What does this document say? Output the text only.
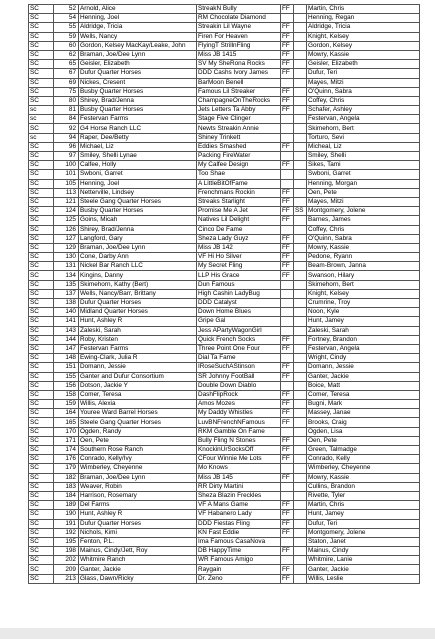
SC	52	Arnold, Alice	StreakN Bully	FF		Martin, Chris
SC	54	Henning, Joel	RM Chocolate Diamond			Henning, Regan
SC	55	Aldridge, Tricia	Streakin Lil Wayne	FF		Aldridge, Tricia
SC	59	Wells, Nancy	Firen For Heaven	FF		Knight, Kelsey
SC	60	Gordon, Kelsey MacKay/Leake, John	FlyingT StrillnFling	FF		Gordon, Kelsey
SC	62	Braman, Joe/Dee Lynn	Miss JB 1415	FF		Mowry, Kassie
SC	65	Geisler, Elizabeth	SV My SheRona Rocks	FF		Geisler, Elizabeth
SC	67	Dufur Quarter Horses	DDD Cashs Ivory James	FF		Dufur, Teri
SC	69	Nickes, Cresent	BarMoon Benell			Mayes, Mitzi
SC	75	Busby Quarter Horses	Famous Lil Streaker	FF		O'Quinn, Sabra
SC	80	Shirey, Brad/Jenna	ChampagneOnTheRocks	FF		Coffey, Chris
sc	81	Busby Quarter Horses	Jets Letters Ta Abby	FF		Schafer, Ashley
sc	84	Festervan Farms	Stage Five Clinger			Festervan, Angela
SC	92	G4 Horse Ranch LLC	Newts Streakin Annie			Skimehorn, Bert
sc	94	Raper, Dee/Betty	Shiney Trinkett			Torturo, Sevi
SC	96	Michael, Liz	Eddies Smashed	FF		Micheal, Liz
SC	97	Smiley, Shelli Lynae	Packing FireWater			Smiley, Shelli
SC	100	Calfee, Holly	My Calfee Design	FF		Sikes, Tami
SC	101	Swboni, Garret	Too Shae			Swboni, Garret
SC	105	Henning, Joel	A LittleBitOfFame			Henning, Morgan
SC	113	Netterville, Lindsey	Frenchmans Rockin	FF		Oen, Pete
SC	121	Steele Gang Quarter Horses	Streaks Starlight	FF		Mayes, Mitzi
SC	124	Busby Quarter Horses	Promise Me A Jet	FF	SS	Montgomery, Jolene
SC	125	Goins, Micah	Natives Lil Delight	FF		Barnes, James
SC	126	Shirey, Brad/Jenna	Cinco De Fame			Coffey, Chris
SC	127	Langford, Gary	Sheza Lady Guyz	FF		O'Quinn, Sabra
SC	129	Braman, Joe/Dee Lynn	Miss JB 142	FF		Mowry, Kassie
SC	130	Cone, Darby Ann	VF Hi Ho Silver	FF		Pedone, Ryann
SC	131	Nickel Bar Ranch LLC	My Secret Fling	FF		Beam-Brown, Janna
SC	134	Kingins, Danny	LLP His Grace	FF		Swanson, Hilary
SC	135	Skimehorn, Kathy (Bert)	Dun Famous			Skimehorn, Bert
SC	137	Wells, Nancy/Barr, Brittany	High Cashin LadyBug			Knight, Kelsey
SC	138	Dufur Quarter Horses	DDD Catalyst			Crumrine, Troy
SC	140	Midland Quarter Horses	Down Home Blues			Noon, Kyle
SC	141	Hunt, Ashley R	Gripe Gal			Hunt, Jamey
SC	143	Zaleski, Sarah	Jess APartyWagonGirl			Zaleski, Sarah
SC	144	Roby, Kristen	Quick French Socks	FF		Fortney, Brandon
SC	147	Festervan Farms	Three Point One Four	FF		Festervan, Angela
SC	148	Ewing-Clark, Julia R	Dial Ta Fame			Wright, Cindy
SC	151	Domann, Jessie	IRoseSuchAStinson	FF		Domann, Jessie
SC	155	Ganter and Dufur Consortium	SR Johnny FootBall	FF		Ganter, Jackie
SC	156	Dotson, Jackie Y	Double Down Diablo			Boice, Matt
SC	158	Comer, Teresa	DashFlipRock	FF		Comer, Teresa
SC	159	Willis, Alexia	Amos Mozes	FF		Bugni, Mark
SC	164	Youree Ward Barrel Horses	My Daddy Whistles	FF		Massey, Janae
SC	165	Steele Gang Quarter Horses	LuvBNFrenchNFamous	FF		Brooks, Craig
SC	170	Ogden, Randy	RKM Gamble On Fame			Ogden, Lisa
SC	171	Oen, Pete	Bully Fling N Stones	FF		Oen, Pete
SC	174	Southern Rose Ranch	KnockinUrSocksOff	FF		Green, Talmadge
SC	176	Conrado, Kelly/Ivy	CFour Winnie Me Lots	FF		Conrado, Kelly
SC	179	Wimberley, Cheyenne	Mo Knows			Wimberley, Cheyenne
SC	182	Braman, Joe/Dee Lynn	Miss JB 145	FF		Mowry, Kassie
SC	183	Weaver, Robin	RR Dirty Martini			Cullins, Brandon
SC	184	Harrison, Rosemary	Sheza Blazin Freckles			Rivette, Tyler
SC	189	Del Farms	VF A Mans Game	FF		Martin, Chris
SC	190	Hunt, Ashley R	VF Habanero Lady	FF		Hunt, Jamey
SC	191	Dufur Quarter Horses	DDD Fiestas Fling	FF		Dufur, Teri
SC	192	Nichols, Kimi	KN Fast Eddie	FF		Montgomery, Jolene
SC	195	Fenton, P.L.	Ima Famous CasaNova			Staton, Janet
SC	198	Mainus, Cindy/Jett, Roy	DB HappyTime	FF		Mainus, Cindy
SC	202	Whitmire Ranch	WR Famous Amigo			Whitmire, Lanie
SC	209	Ganter, Jackie	Raygain	FF		Ganter, Jackie
SC	213	Glass, Dawn/Ricky	Dr. Zeno	FF		Willis, Leslie
